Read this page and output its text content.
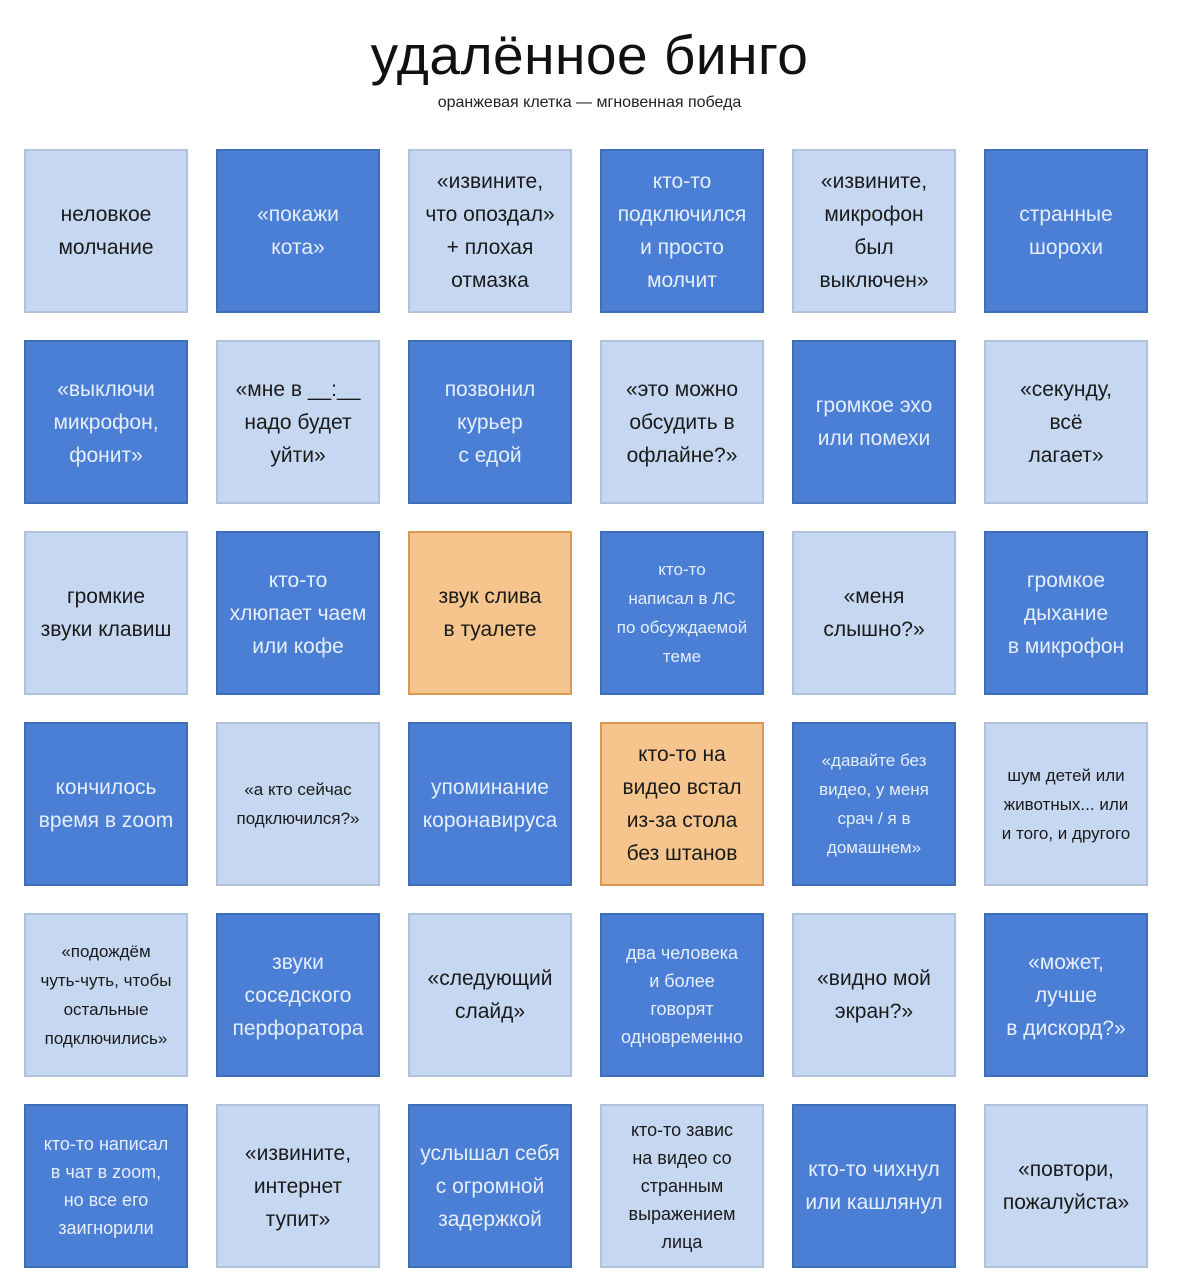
удалённое бинго
оранжевая клетка — мгновенная победа
неловкое
молчание
«покажи
кота»
«извините,
что опоздал»
+ плохая
отмазка
кто-то
подключился
и просто
молчит
«извините,
микрофон
был
выключен»
странные
шорохи
«выключи
микрофон,
фонит»
«мне в __:__
надо будет
уйти»
позвонил
курьер
с едой
«это можно
обсудить в
офлайне?»
громкое эхо
или помехи
«секунду,
всё
лагает»
громкие
звуки клавиш
кто-то
хлюпает чаем
или кофе
звук слива
в туалете
кто-то
написал в ЛС
по обсуждаемой
теме
«меня
слышно?»
громкое
дыхание
в микрофон
кончилось
время в zoom
«а кто сейчас
подключился?»
упоминание
коронавируса
кто-то на
видео встал
из-за стола
без штанов
«давайте без
видео, у меня
срач / я в
домашнем»
шум детей или
животных... или
и того, и другого
«подождём
чуть-чуть, чтобы
остальные
подключились»
звуки
соседского
перфоратора
«следующий
слайд»
два человека
и более
говорят
одновременно
«видно мой
экран?»
«может,
лучше
в дискорд?»
кто-то написал
в чат в zoom,
но все его
заигнорили
«извините,
интернет
тупит»
услышал себя
с огромной
задержкой
кто-то завис
на видео со
странным
выражением
лица
кто-то чихнул
или кашлянул
«повтори,
пожалуйста»
